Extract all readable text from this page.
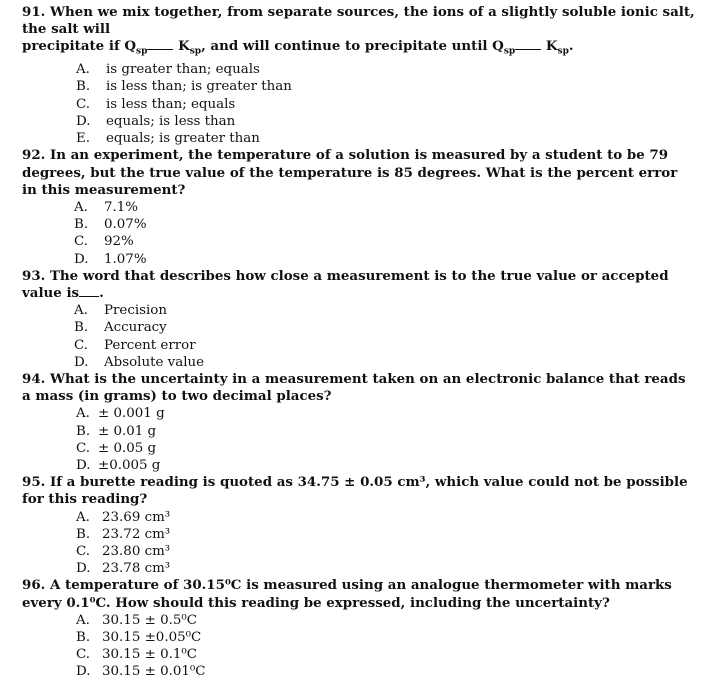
91. When we mix together, from separate sources, the ions of a slightly soluble ionic salt, the salt will
precipitate if $Q_{sp}$ $K_{sp}$, and will continue to precipitate until $Q_{sp}$ $K_{sp}$.

A.	is greater than; equals
B.	is less than; is greater than
C.	is less than; equals
D.	equals; is less than
E.	equals; is greater than

92. In an experiment, the temperature of a solution is measured by a student to be 79 degrees, but the true value of the temperature is 85 degrees. What is the percent error in this measurement?

A.	7.1%
B.	0.07%
C.	92%
D.	1.07%

93. The word that describes how close a measurement is to the true value or accepted value is .

A.	Precision
B.	Accuracy
C.	Percent error
D.	Absolute value

94. What is the uncertainty in a measurement taken on an electronic balance that reads a mass (in grams) to two decimal places?

A. ± 0.001 g
B. ± 0.01 g
C. ± 0.05 g
D. ±0.005 g

95. If a burette reading is quoted as 34.75 ± 0.05 cm³, which value could not be possible for this reading?

A. 23.69 cm³
B. 23.72 cm³
C. 23.80 cm³
D. 23.78 cm³

96. A temperature of 30.15⁰C is measured using an analogue thermometer with marks every 0.1⁰C. How should this reading be expressed, including the uncertainty?

A. 30.15 ± 0.5⁰C
B. 30.15 ±0.05⁰C
C. 30.15 ± 0.1⁰C
D. 30.15 ± 0.01⁰C
